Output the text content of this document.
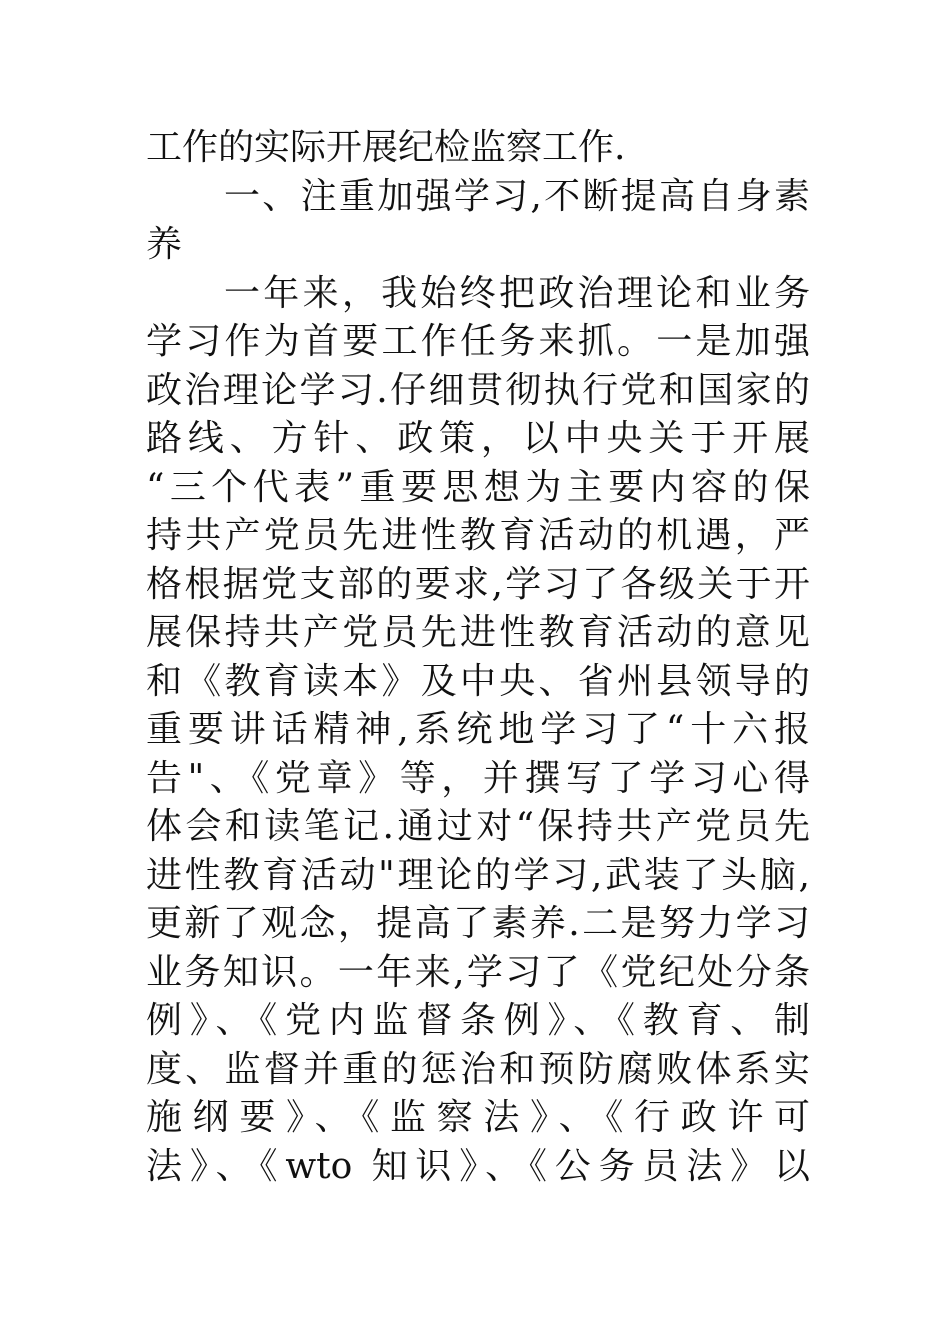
工作的实际开展纪检监察工作.
一、注重加强学习,不断提高自身素
养
一年来，我始终把政治理论和业务
学习作为首要工作任务来抓。一是加强
政治理论学习.仔细贯彻执行党和国家的
路线、方针、政策，以中央关于开展
“三个代表”重要思想为主要内容的保
持共产党员先进性教育活动的机遇，严
格根据党支部的要求,学习了各级关于开
展保持共产党员先进性教育活动的意见
和《教育读本》及中央、省州县领导的
重要讲话精神,系统地学习了“十六报
告"、《党章》等，并撰写了学习心得
体会和读笔记.通过对“保持共产党员先
进性教育活动"理论的学习,武装了头脑,
更新了观念，提高了素养.二是努力学习
业务知识。一年来,学习了《党纪处分条
例》、《党内监督条例》、《教育、制
度、监督并重的惩治和预防腐败体系实
施纲要》、《监察法》、《行政许可
法》、《wto 知识》、《公务员法》以
